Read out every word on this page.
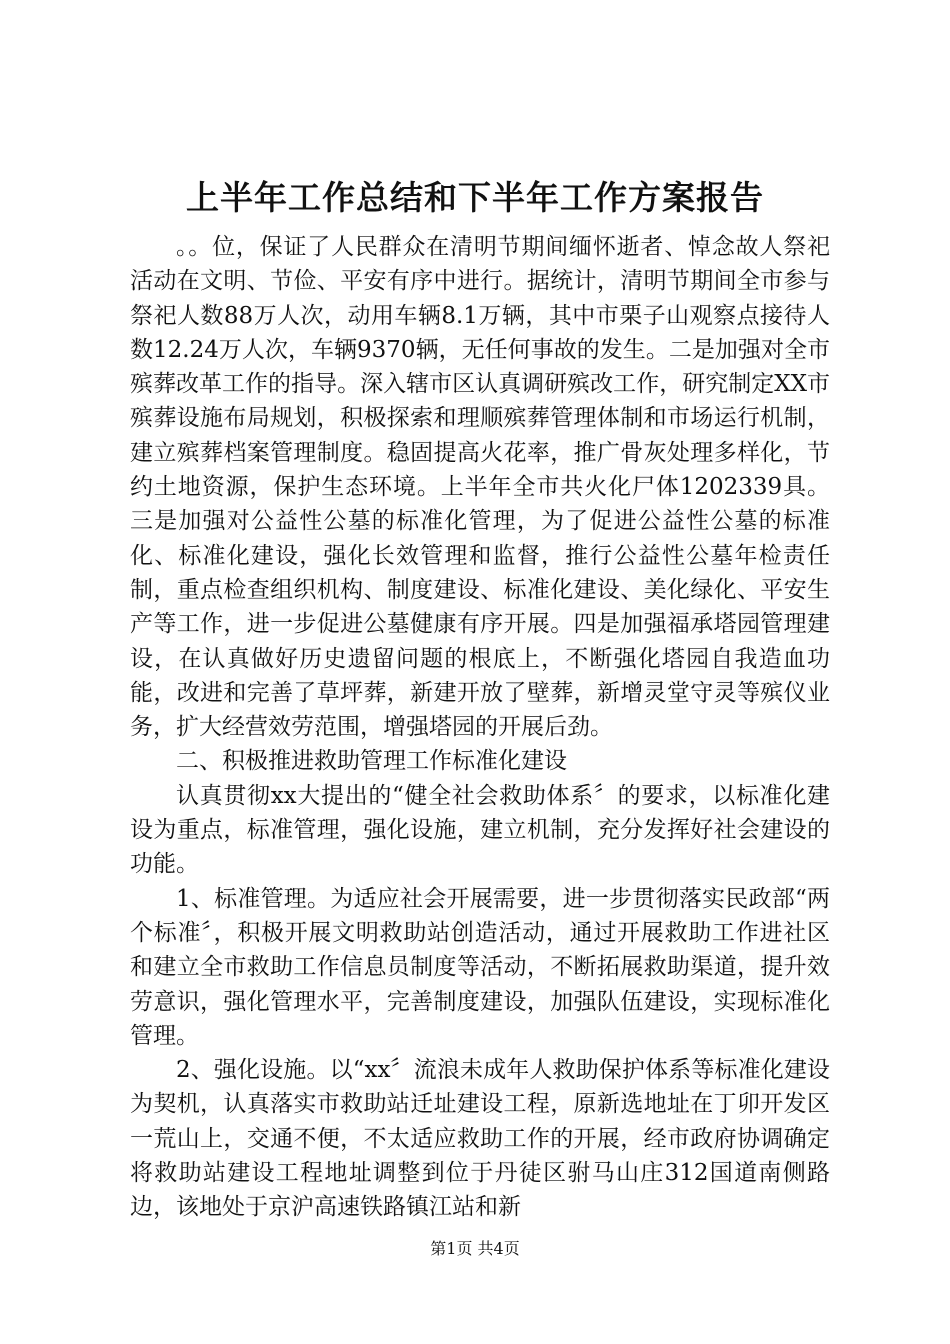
上半年工作总结和下半年工作方案报告

。。位，保证了人民群众在清明节期间缅怀逝者、悼念故人祭祀活动在文明、节俭、平安有序中进行。据统计，清明节期间全市参与祭祀人数88万人次，动用车辆8.1万辆，其中市栗子山观察点接待人数12.24万人次，车辆9370辆，无任何事故的发生。二是加强对全市殡葬改革工作的指导。深入辖市区认真调研殡改工作，研究制定XX市殡葬设施布局规划，积极探索和理顺殡葬管理体制和市场运行机制，建立殡葬档案管理制度。稳固提高火花率，推广骨灰处理多样化，节约土地资源，保护生态环境。上半年全市共火化尸体1202339具。三是加强对公益性公墓的标准化管理，为了促进公益性公墓的标准化、标准化建设，强化长效管理和监督，推行公益性公墓年检责任制，重点检查组织机构、制度建设、标准化建设、美化绿化、平安生产等工作，进一步促进公墓健康有序开展。四是加强福承塔园管理建设，在认真做好历史遗留问题的根底上，不断强化塔园自我造血功能，改进和完善了草坪葬，新建开放了壁葬，新增灵堂守灵等殡仪业务，扩大经营效劳范围，增强塔园的开展后劲。

二、积极推进救助管理工作标准化建设

认真贯彻xx大提出的“健全社会救助体系〞的要求，以标准化建设为重点，标准管理，强化设施，建立机制，充分发挥好社会建设的功能。

1、标准管理。为适应社会开展需要，进一步贯彻落实民政部“两个标准〞，积极开展文明救助站创造活动，通过开展救助工作进社区和建立全市救助工作信息员制度等活动，不断拓展救助渠道，提升效劳意识，强化管理水平，完善制度建设，加强队伍建设，实现标准化管理。

2、强化设施。以“xx〞流浪未成年人救助保护体系等标准化建设为契机，认真落实市救助站迁址建设工程，原新选地址在丁卯开发区一荒山上，交通不便，不太适应救助工作的开展，经市政府协调确定将救助站建设工程地址调整到位于丹徒区驸马山庄312国道南侧路边，该地处于京沪高速铁路镇江站和新

第1页 共4页
